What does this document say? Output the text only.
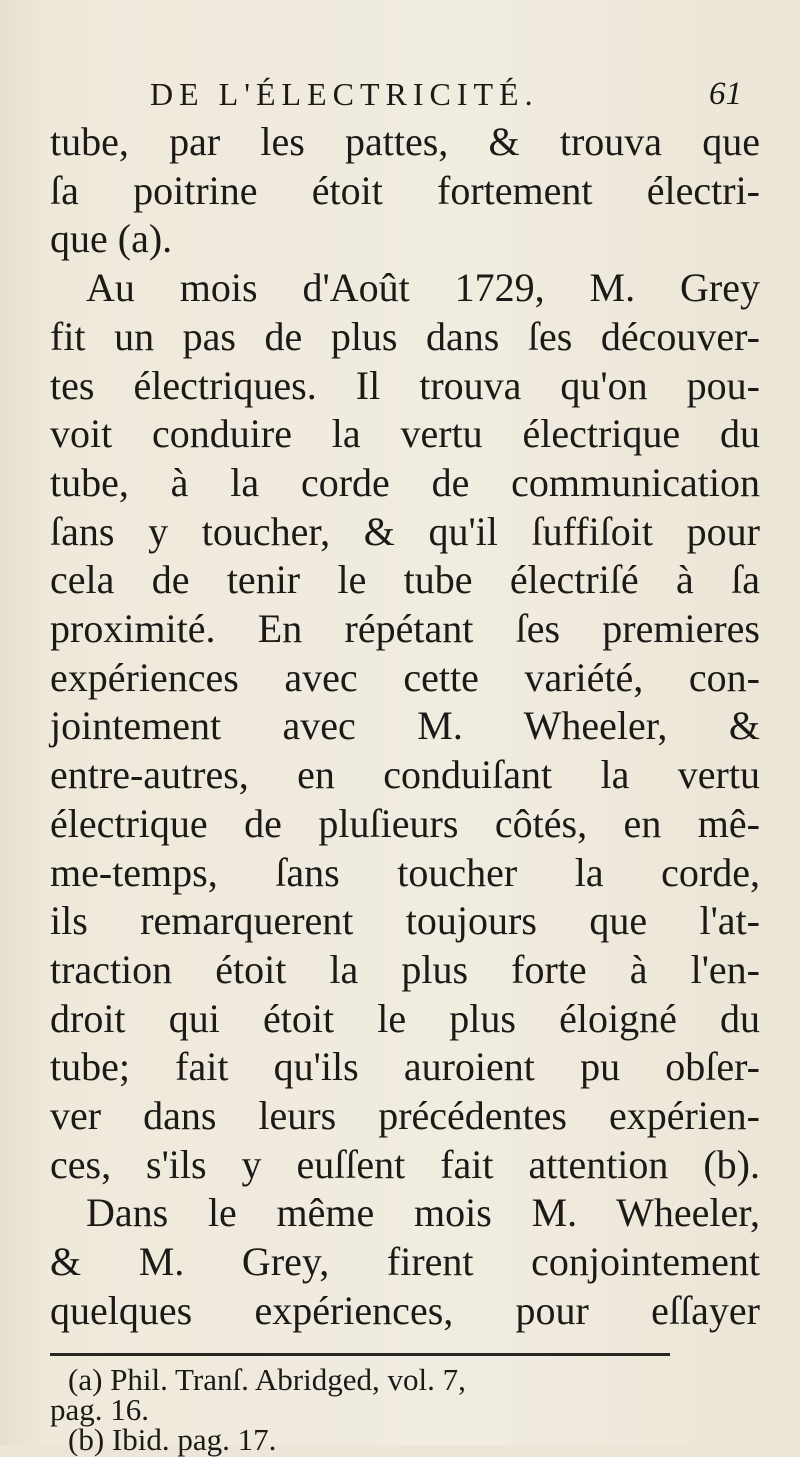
DE L'ÉLECTRICITÉ.	61
tube, par les pattes, & trouva que
ſa poitrine étoit fortement électri-
que (a).
Au mois d'Août 1729, M. Grey
fit un pas de plus dans ſes découver-
tes électriques. Il trouva qu'on pou-
voit conduire la vertu électrique du
tube, à la corde de communication
ſans y toucher, & qu'il ſuffiſoit pour
cela de tenir le tube électriſé à ſa
proximité. En répétant ſes premieres
expériences avec cette variété, con-
jointement avec M. Wheeler, &
entre-autres, en conduiſant la vertu
électrique de pluſieurs côtés, en mê-
me-temps, ſans toucher la corde,
ils remarquerent toujours que l'at-
traction étoit la plus forte à l'en-
droit qui étoit le plus éloigné du
tube; fait qu'ils auroient pu obſer-
ver dans leurs précédentes expérien-
ces, s'ils y euſſent fait attention (b).
Dans le même mois M. Wheeler,
& M. Grey, firent conjointement
quelques expériences, pour eſſayer
(a) Phil. Tranſ. Abridged, vol. 7,
pag. 16.
(b) Ibid. pag. 17.
